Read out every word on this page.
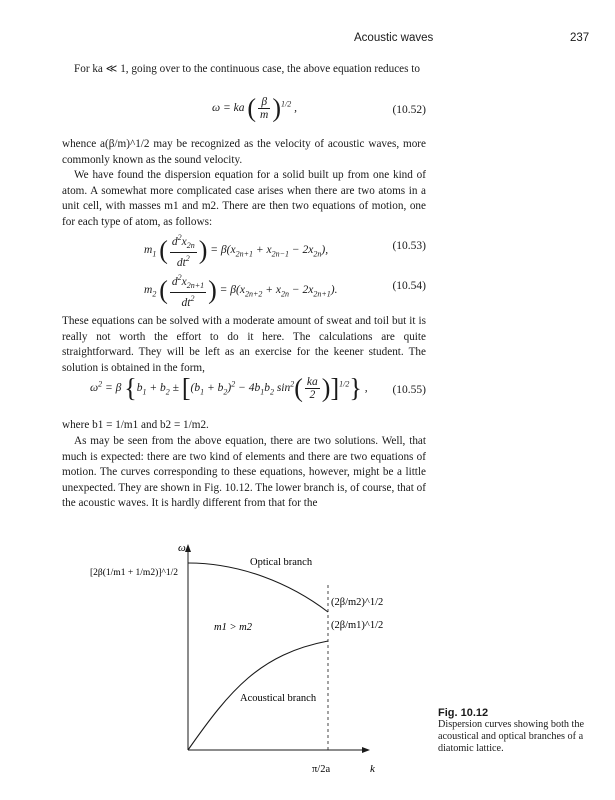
Acoustic waves	237

For ka ≪ 1, going over to the continuous case, the above equation reduces to

ω = ka ( $\frac{\beta}{m} )^{1/2}$ ,	(10.52)

whence a(β/m)^1/2 may be recognized as the velocity of acoustic waves, more commonly known as the sound velocity.

We have found the dispersion equation for a solid built up from one kind of atom. A somewhat more complicated case arises when there are two atoms in a unit cell, with masses m1 and m2. There are then two equations of motion, one for each type of atom, as follows:

$m_1$ ( $\frac{d^2x_{2n}}{dt^2}$ ) = $\beta(x_{2n+1} + x_{2n-1} - 2x_{2n})$,	(10.53)
$m_2$ ( $\frac{d^2x_{2n+1}}{dt^2}$ ) = $\beta(x_{2n+2} + x_{2n} - 2x_{2n+1})$.	(10.54)

These equations can be solved with a moderate amount of sweat and toil but it is really not worth the effort to do it here. The calculations are quite straightforward. They will be left as an exercise for the keener student. The solution is obtained in the form,

$\omega^2 = \beta$ {$b_1 + b_2 \pm [(b_1 + b_2)^2 - 4b_1b_2$ $\sin^2( \frac{ka}{2} )]^{1/2}$} , (10.55)

where b1 = 1/m1 and b2 = 1/m2.

As may be seen from the above equation, there are two solutions. Well, that much is expected: there are two kind of elements and there are two equations of motion. The curves corresponding to these equations, however, might be a little unexpected. They are shown in Fig. 10.12. The lower branch is, of course, that of the acoustic waves. It is hardly different from that for the

ω
k
π/2a
Optical branch
Acoustical branch
m1 > m2
(2β/m2)^1/2
(2β/m1)^1/2
[2β(1/m1 + 1/m2)]^1/2
Fig. 10.12
Dispersion curves showing both the acoustical and optical branches of a diatomic lattice.
